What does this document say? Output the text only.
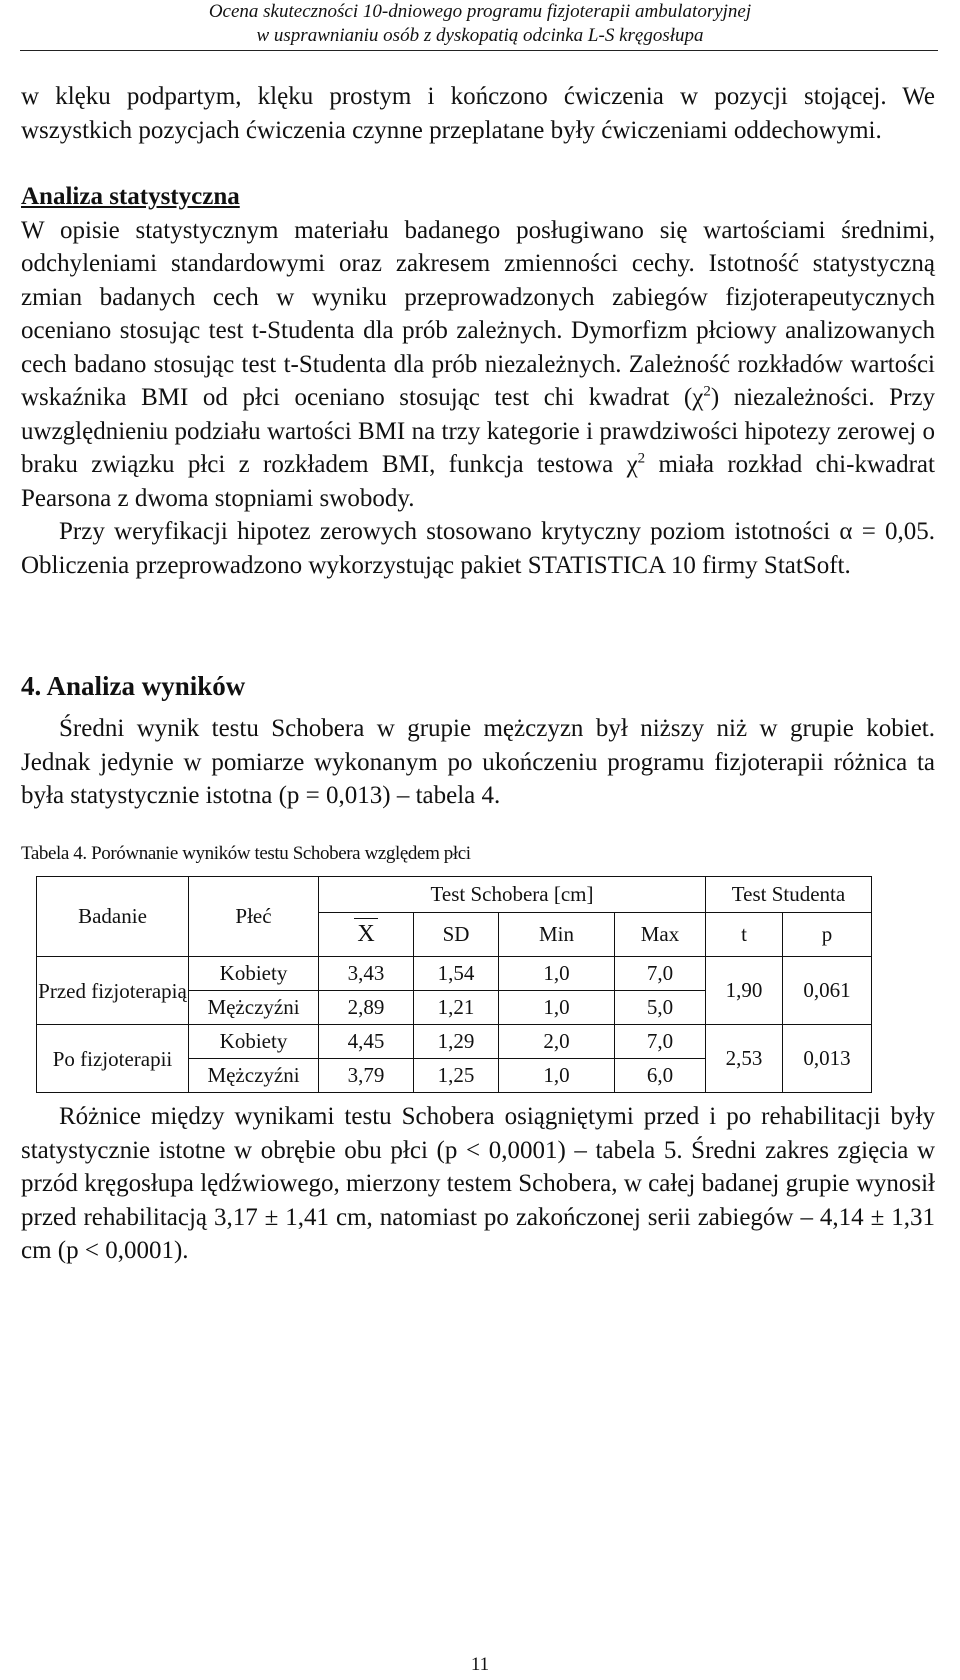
Ocena skuteczności 10-dniowego programu fizjoterapii ambulatoryjnej
w usprawnianiu osób z dyskopatią odcinka L-S kręgosłupa

w klęku podpartym, klęku prostym i kończono ćwiczenia w pozycji stojącej. We wszystkich pozycjach ćwiczenia czynne przeplatane były ćwiczeniami oddechowymi.

Analiza statystyczna

W opisie statystycznym materiału badanego posługiwano się wartościami średnimi, odchyleniami standardowymi oraz zakresem zmienności cechy. Istotność statystyczną zmian badanych cech w wyniku przeprowadzonych zabiegów fizjoterapeutycznych oceniano stosując test t-Studenta dla prób zależnych. Dymorfizm płciowy analizowanych cech badano stosując test t-Studenta dla prób niezależnych. Zależność rozkładów wartości wskaźnika BMI od płci oceniano stosując test chi kwadrat $(\chi^2)$ niezależności. Przy uwzględnieniu podziału wartości BMI na trzy kategorie i prawdziwości hipotezy zerowej o braku związku płci z rozkładem BMI, funkcja testowa $\chi^2$ miała rozkład chi-kwadrat Pearsona z dwoma stopniami swobody.

Przy weryfikacji hipotez zerowych stosowano krytyczny poziom istotności α = 0,05. Obliczenia przeprowadzono wykorzystując pakiet STATISTICA 10 firmy StatSoft.

4. Analiza wyników

Średni wynik testu Schobera w grupie mężczyzn był niższy niż w grupie kobiet. Jednak jedynie w pomiarze wykonanym po ukończeniu programu fizjoterapii różnica ta była statystycznie istotna (p = 0,013) – tabela 4.

Tabela 4. Porównanie wyników testu Schobera względem płci
Badanie	Płeć	Test Schobera [cm]				Test Studenta	
		X	SD	Min	Max	t	p
Przed fizjoterapią	Kobiety	3,43	1,54	1,0	7,0	1,90	0,061
	Mężczyźni	2,89	1,21	1,0	5,0		
Po fizjoterapii	Kobiety	4,45	1,29	2,0	7,0	2,53	0,013
	Mężczyźni	3,79	1,25	1,0	6,0		

Różnice między wynikami testu Schobera osiągniętymi przed i po rehabilitacji były statystycznie istotne w obrębie obu płci (p < 0,0001) – tabela 5. Średni zakres zgięcia w przód kręgosłupa lędźwiowego, mierzony testem Schobera, w całej badanej grupie wynosił przed rehabilitacją 3,17 ± 1,41 cm, natomiast po zakończonej serii zabiegów – 4,14 ± 1,31 cm (p < 0,0001).

11
